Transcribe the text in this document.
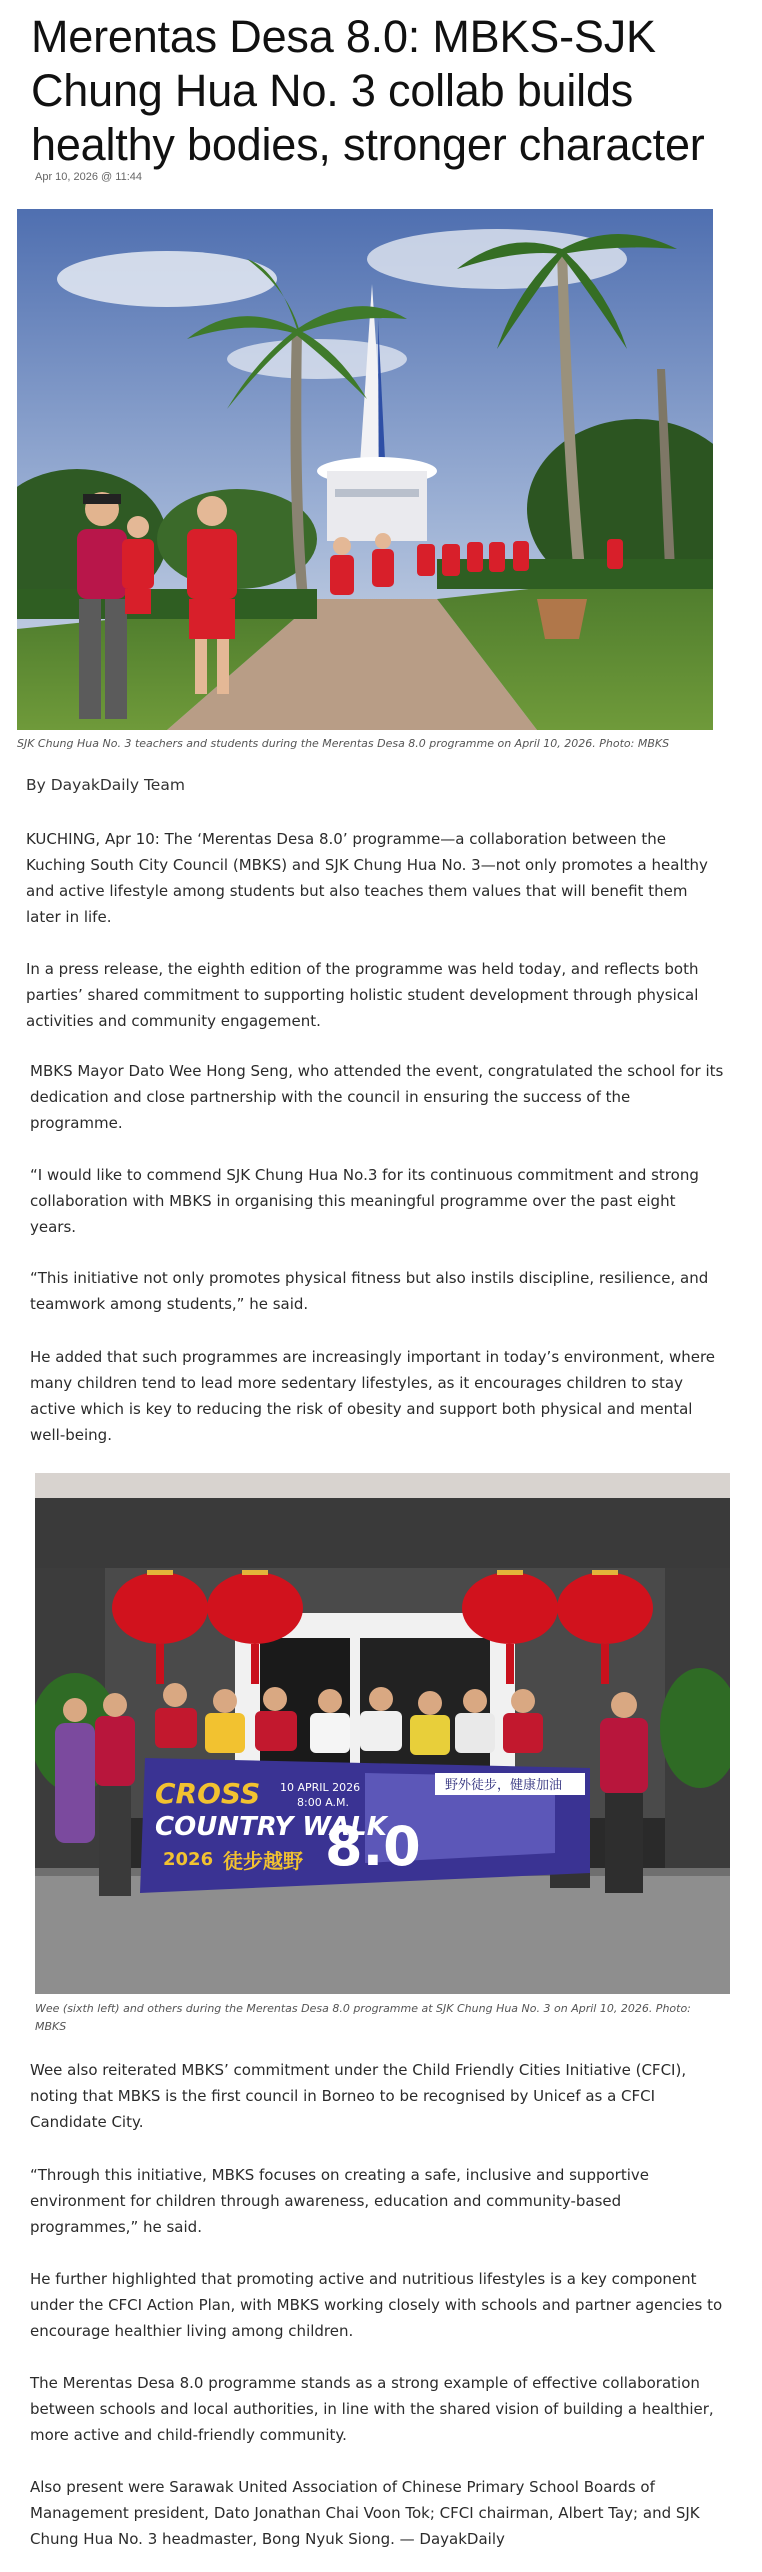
Merentas Desa 8.0: MBKS-SJK Chung Hua No. 3 collab builds healthy bodies, stronger character
Apr 10, 2026 @ 11:44
SJK Chung Hua No. 3 teachers and students during the Merentas Desa 8.0 programme on April 10, 2026. Photo: MBKS
By DayakDaily Team

KUCHING, Apr 10: The ‘Merentas Desa 8.0’ programme—a collaboration between the Kuching South City Council (MBKS) and SJK Chung Hua No. 3—not only promotes a healthy and active lifestyle among students but also teaches them values that will benefit them later in life.

In a press release, the eighth edition of the programme was held today, and reflects both parties’ shared commitment to supporting holistic student development through physical activities and community engagement.

MBKS Mayor Dato Wee Hong Seng, who attended the event, congratulated the school for its dedication and close partnership with the council in ensuring the success of the programme.

“I would like to commend SJK Chung Hua No.3 for its continuous commitment and strong collaboration with MBKS in organising this meaningful programme over the past eight years.

“This initiative not only promotes physical fitness but also instils discipline, resilience, and teamwork among students,” he said.

He added that such programmes are increasingly important in today’s environment, where many children tend to lead more sedentary lifestyles, as it encourages children to stay active which is key to reducing the risk of obesity and support both physical and mental well-being.

野外徒步，健康加油
CROSS
COUNTRY WALK
2026 徒步越野
10 APRIL 2026
8:00 A.M.
8.0
Wee (sixth left) and others during the Merentas Desa 8.0 programme at SJK Chung Hua No. 3 on April 10, 2026. Photo: MBKS

Wee also reiterated MBKS’ commitment under the Child Friendly Cities Initiative (CFCI), noting that MBKS is the first council in Borneo to be recognised by Unicef as a CFCI Candidate City.

“Through this initiative, MBKS focuses on creating a safe, inclusive and supportive environment for children through awareness, education and community-based programmes,” he said.

He further highlighted that promoting active and nutritious lifestyles is a key component under the CFCI Action Plan, with MBKS working closely with schools and partner agencies to encourage healthier living among children.

The Merentas Desa 8.0 programme stands as a strong example of effective collaboration between schools and local authorities, in line with the shared vision of building a healthier, more active and child-friendly community.

Also present were Sarawak United Association of Chinese Primary School Boards of Management president, Dato Jonathan Chai Voon Tok; CFCI chairman, Albert Tay; and SJK Chung Hua No. 3 headmaster, Bong Nyuk Siong. — DayakDaily
